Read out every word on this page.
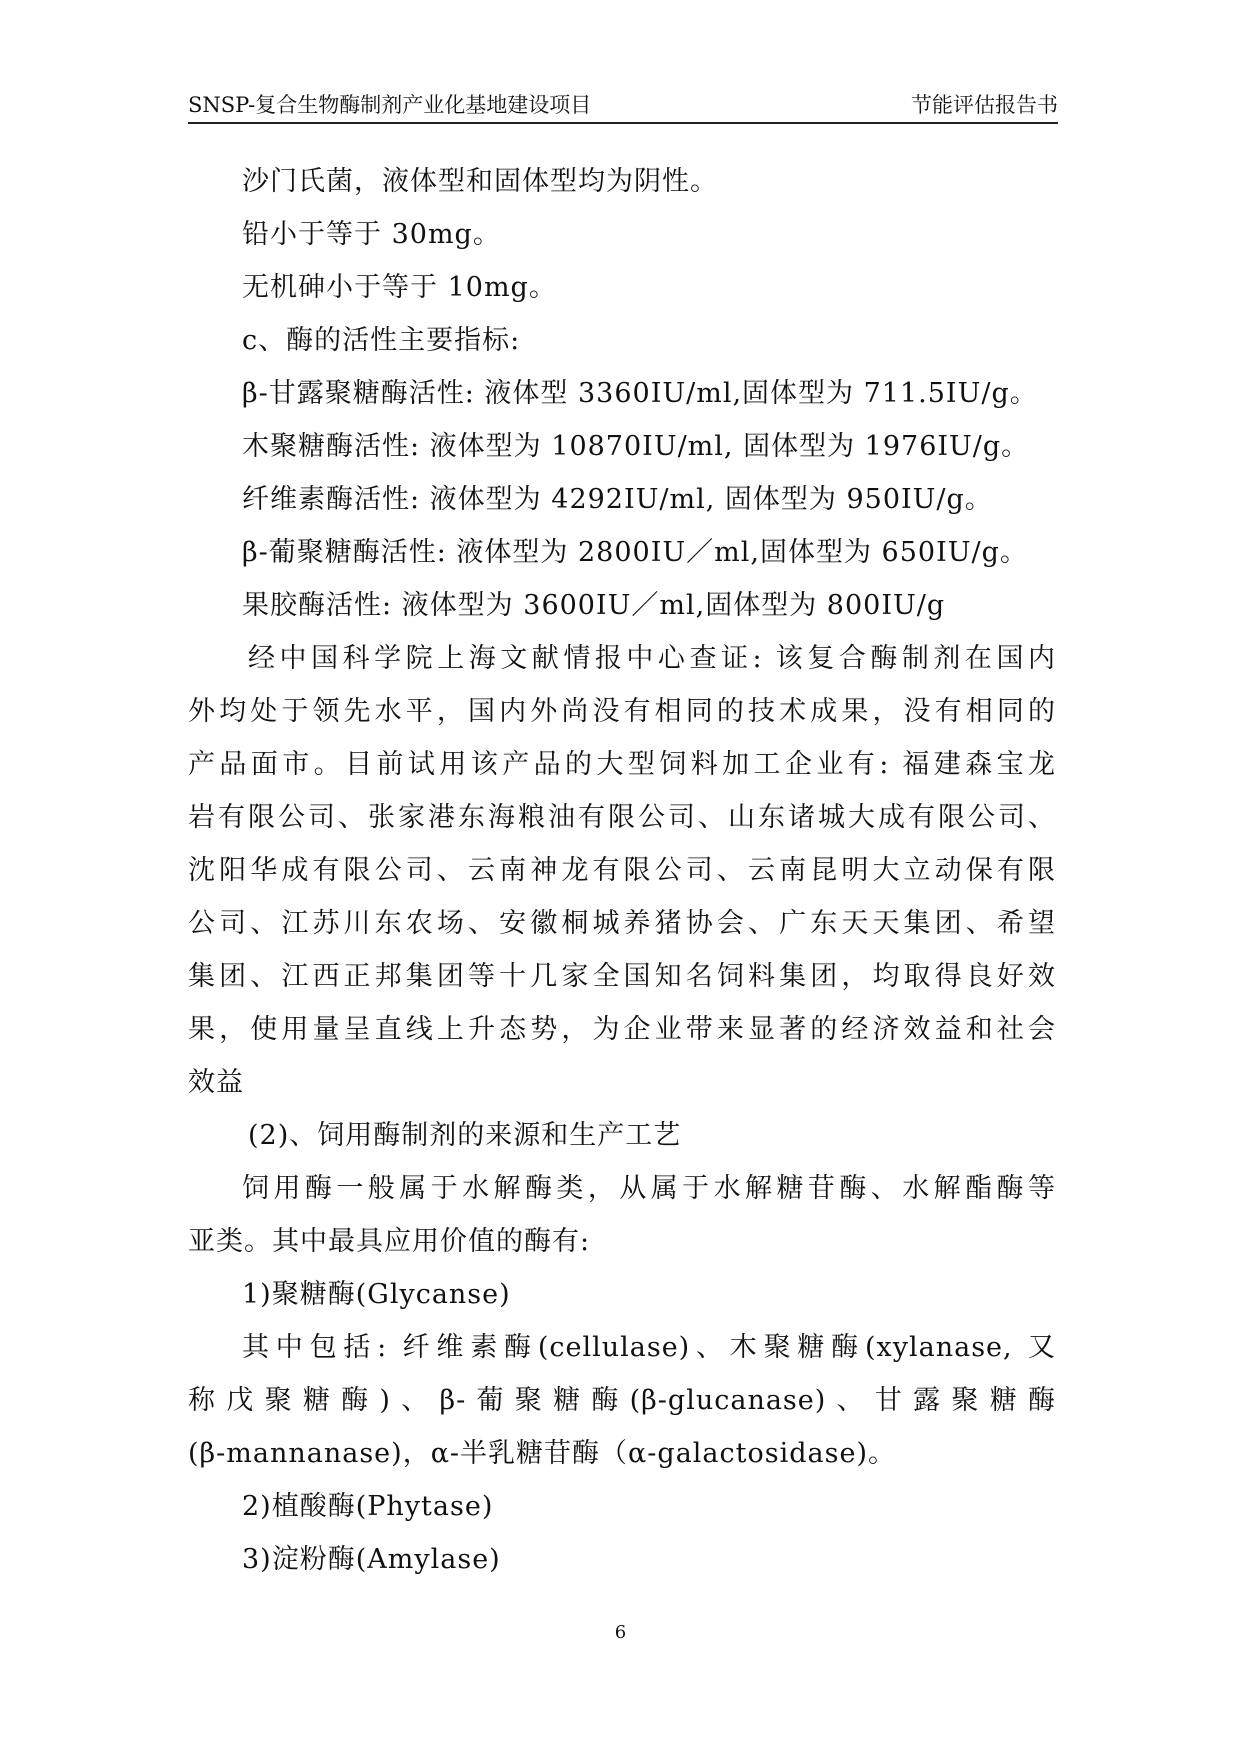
SNSP-复合生物酶制剂产业化基地建设项目	节能评估报告书
沙门氏菌，液体型和固体型均为阴性。
铅小于等于 30mg。
无机砷小于等于 10mg。
c、酶的活性主要指标:
β-甘露聚糖酶活性: 液体型 3360IU/ml,固体型为 711.5IU/g。
木聚糖酶活性: 液体型为 10870IU/ml, 固体型为 1976IU/g。
纤维素酶活性: 液体型为 4292IU/ml, 固体型为 950IU/g。
β-葡聚糖酶活性: 液体型为 2800IU／ml,固体型为 650IU/g。
果胶酶活性: 液体型为 3600IU／ml,固体型为 800IU/g
经中国科学院上海文献情报中心查证: 该复合酶制剂在国内
外均处于领先水平，国内外尚没有相同的技术成果，没有相同的
产品面市。目前试用该产品的大型饲料加工企业有: 福建森宝龙
岩有限公司、张家港东海粮油有限公司、山东诸城大成有限公司、
沈阳华成有限公司、云南神龙有限公司、云南昆明大立动保有限
公司、江苏川东农场、安徽桐城养猪协会、广东天天集团、希望
集团、江西正邦集团等十几家全国知名饲料集团，均取得良好效
果，使用量呈直线上升态势，为企业带来显著的经济效益和社会
效益
(2)、饲用酶制剂的来源和生产工艺
饲用酶一般属于水解酶类，从属于水解糖苷酶、水解酯酶等
亚类。其中最具应用价值的酶有:
1)聚糖酶(Glycanse)
其中包括: 纤维素酶(cellulase)、木聚糖酶(xylanase, 又
称戊聚糖酶)、β-葡聚糖酶(β-glucanase)、甘露聚糖酶
(β-mannanase)，α-半乳糖苷酶（α-galactosidase)。
2)植酸酶(Phytase)
3)淀粉酶(Amylase)
6
